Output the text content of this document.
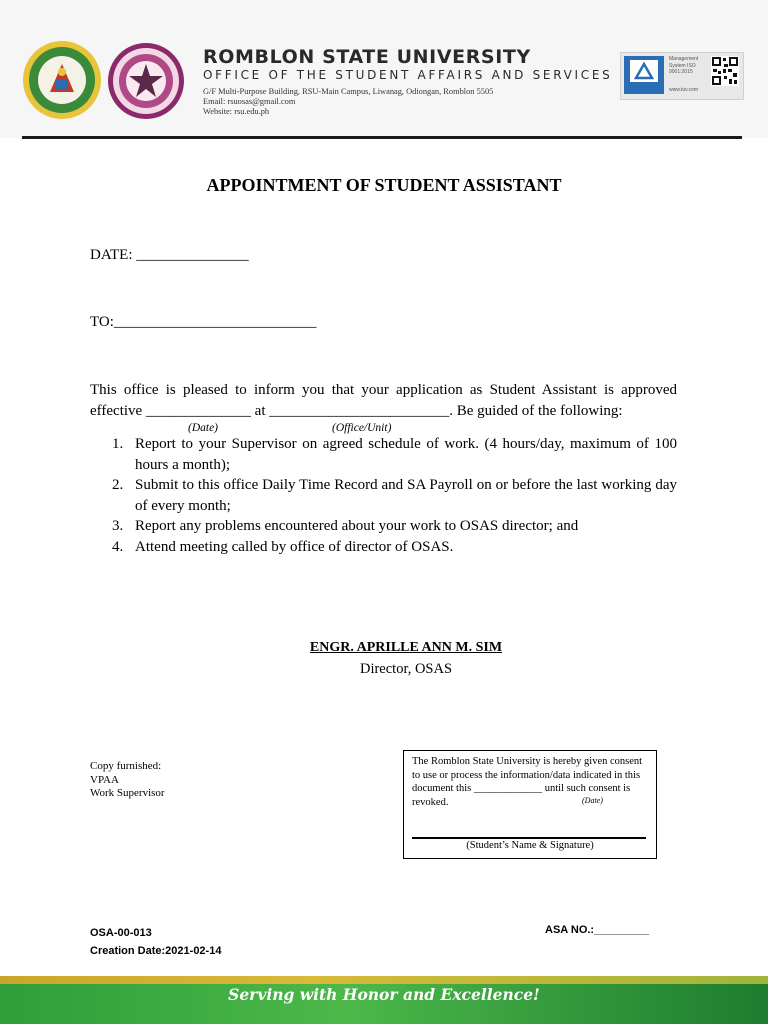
ROMBLON STATE UNIVERSITY
OFFICE OF THE STUDENT AFFAIRS AND SERVICES
G/F Multi-Purpose Building, RSU-Main Campus, Liwanag, Odiongan, Romblon 5505
Email: rsuosas@gmail.com
Website: rsu.edu.ph
Management System ISO 9001:2015
www.tuv.com
APPOINTMENT OF STUDENT ASSISTANT
DATE: _______________
TO:___________________________
This office is pleased to inform you that your application as Student Assistant is approved
effective ______________ at ________________________. Be guided of the following:
(Date)	(Office/Unit)
1. Report to your Supervisor on agreed schedule of work. (4 hours/day, maximum of 100 hours a month);
2. Submit to this office Daily Time Record and SA Payroll on or before the last working day of every month;
3. Report any problems encountered about your work to OSAS director; and
4. Attend meeting called by office of director of OSAS.
ENGR. APRILLE ANN M. SIM
Director, OSAS
Copy furnished:
VPAA
Work Supervisor
The Romblon State University is hereby given consent to use or process the information/data indicated in this document this _____________ until such consent is revoked.	(Date)
(Student’s Name & Signature)
OSA-00-013
Creation Date:2021-02-14
ASA NO.:_________
Serving with Honor and Excellence!
